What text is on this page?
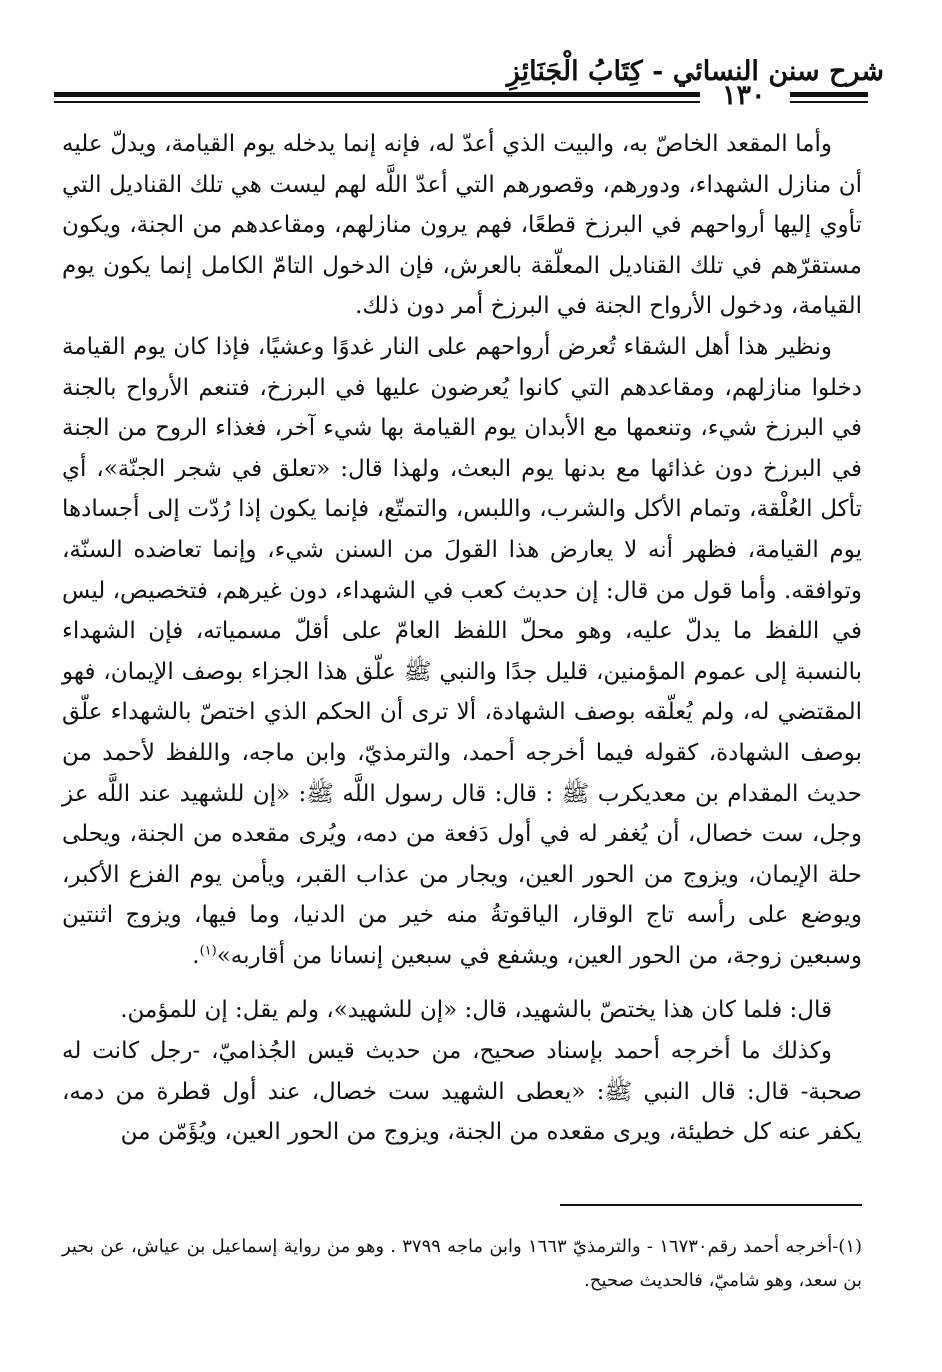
شرح سنن النسائي - كِتَابُ الْجَنَائِزِ
١٣٠

وأما المقعد الخاصّ به، والبيت الذي أعدّ له، فإنه إنما يدخله يوم القيامة، ويدلّ عليه أن منازل الشهداء، ودورهم، وقصورهم التي أعدّ اللَّه لهم ليست هي تلك القناديل التي تأوي إليها أرواحهم في البرزخ قطعًا، فهم يرون منازلهم، ومقاعدهم من الجنة، ويكون مستقرّهم في تلك القناديل المعلّقة بالعرش، فإن الدخول التامّ الكامل إنما يكون يوم القيامة، ودخول الأرواح الجنة في البرزخ أمر دون ذلك.

ونظير هذا أهل الشقاء تُعرض أرواحهم على النار غدوًا وعشيًا، فإذا كان يوم القيامة دخلوا منازلهم، ومقاعدهم التي كانوا يُعرضون عليها في البرزخ، فتنعم الأرواح بالجنة في البرزخ شيء، وتنعمها مع الأبدان يوم القيامة بها شيء آخر، فغذاء الروح من الجنة في البرزخ دون غذائها مع بدنها يوم البعث، ولهذا قال: «تعلق في شجر الجنّة»، أي تأكل العُلْقة، وتمام الأكل والشرب، واللبس، والتمتّع، فإنما يكون إذا رُدّت إلى أجسادها يوم القيامة، فظهر أنه لا يعارض هذا القولَ من السنن شيء، وإنما تعاضده السنّة، وتوافقه. وأما قول من قال: إن حديث كعب في الشهداء، دون غيرهم، فتخصيص، ليس في اللفظ ما يدلّ عليه، وهو محلّ اللفظ العامّ على أقلّ مسمياته، فإن الشهداء بالنسبة إلى عموم المؤمنين، قليل جدًا والنبي ﷺ علّق هذا الجزاء بوصف الإيمان، فهو المقتضي له، ولم يُعلّقه بوصف الشهادة، ألا ترى أن الحكم الذي اختصّ بالشهداء علّق بوصف الشهادة، كقوله فيما أخرجه أحمد، والترمذيّ، وابن ماجه، واللفظ لأحمد من حديث المقدام بن معديكرب ﷺ : قال: قال رسول اللَّه ﷺ: «إن للشهيد عند اللَّه عز وجل، ست خصال، أن يُغفر له في أول دَفعة من دمه، ويُرى مقعده من الجنة، ويحلى حلة الإيمان، ويزوج من الحور العين، ويجار من عذاب القبر، ويأمن يوم الفزع الأكبر، ويوضع على رأسه تاج الوقار، الياقوتةُ منه خير من الدنيا، وما فيها، ويزوج اثنتين وسبعين زوجة، من الحور العين، ويشفع في سبعين إنسانا من أقاربه»$^{(١)}$.

قال: فلما كان هذا يختصّ بالشهيد، قال: «إن للشهيد»، ولم يقل: إن للمؤمن.

وكذلك ما أخرجه أحمد بإسناد صحيح، من حديث قيس الجُذاميّ، -رجل كانت له صحبة- قال: قال النبي ﷺ: «يعطى الشهيد ست خصال، عند أول قطرة من دمه، يكفر عنه كل خطيئة، ويرى مقعده من الجنة، ويزوج من الحور العين، ويُؤَمّن من

(١)-أخرجه أحمد رقم١٦٧٣٠ - والترمذيّ ١٦٦٣ وابن ماجه ٣٧٩٩ . وهو من رواية إسماعيل بن عياش، عن بحير بن سعد، وهو شاميّ، فالحديث صحيح.
